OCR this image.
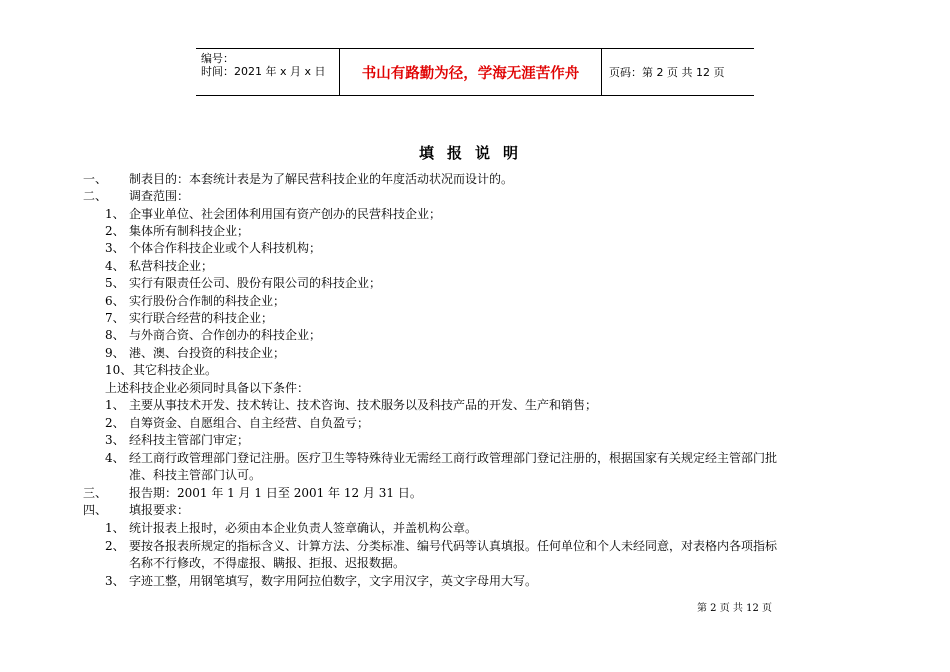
编号：
时间：2021 年 x 月 x 日	书山有路勤为径，学海无涯苦作舟	页码：第 2 页 共 12 页
填报说明
一、 制表目的：本套统计表是为了解民营科技企业的年度活动状况而设计的。
二、 调查范围：
1、 企事业单位、社会团体利用国有资产创办的民营科技企业；
2、 集体所有制科技企业；
3、 个体合作科技企业或个人科技机构；
4、 私营科技企业；
5、 实行有限责任公司、股份有限公司的科技企业；
6、 实行股份合作制的科技企业；
7、 实行联合经营的科技企业；
8、 与外商合资、合作创办的科技企业；
9、 港、澳、台投资的科技企业；
10、 其它科技企业。
上述科技企业必须同时具备以下条件：
1、 主要从事技术开发、技术转让、技术咨询、技术服务以及科技产品的开发、生产和销售；
2、 自筹资金、自愿组合、自主经营、自负盈亏；
3、 经科技主管部门审定；
4、 经工商行政管理部门登记注册。医疗卫生等特殊待业无需经工商行政管理部门登记注册的，根据国家有关规定经主管部门批
准、科技主管部门认可。
三、 报告期：2001 年 1 月 1 日至 2001 年 12 月 31 日。
四、 填报要求：
1、 统计报表上报时，必须由本企业负责人签章确认，并盖机构公章。
2、 要按各报表所规定的指标含义、计算方法、分类标准、编号代码等认真填报。任何单位和个人未经同意，对表格内各项指标
名称不行修改，不得虚报、瞒报、拒报、迟报数据。
3、 字迹工整，用钢笔填写，数字用阿拉伯数字，文字用汉字，英文字母用大写。
第 2 页 共 12 页
